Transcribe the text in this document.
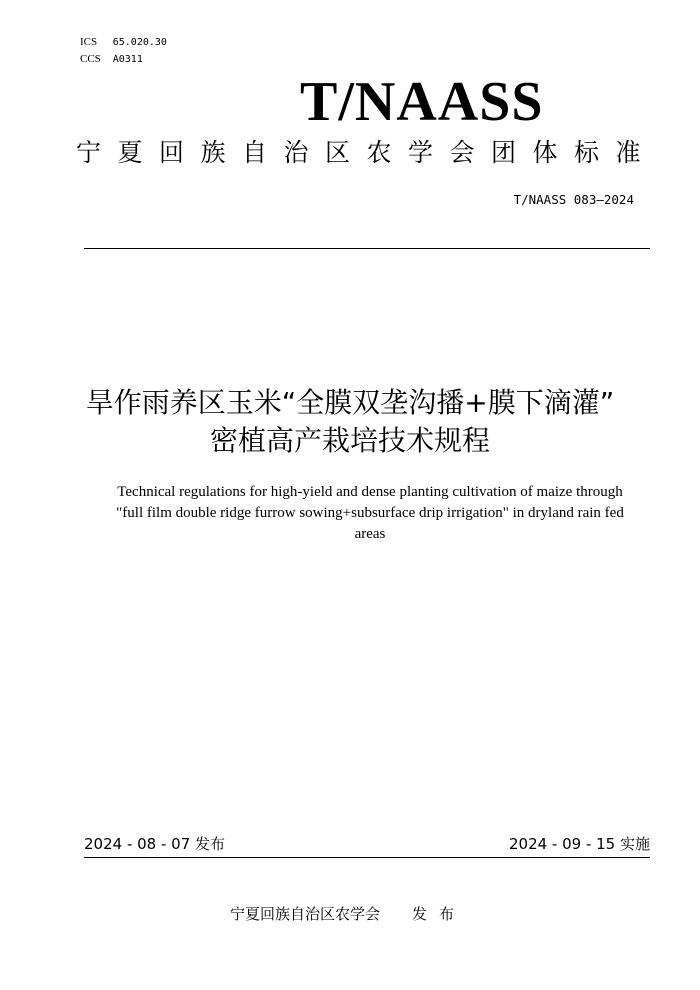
ICS 65.020.30
CCS A0311
T/NAASS
宁夏回族自治区农学会团体标准
T/NAASS 083—2024
旱作雨养区玉米“全膜双垄沟播+膜下滴灌”
密植高产栽培技术规程
Technical regulations for high-yield and dense planting cultivation of maize through
"full film double ridge furrow sowing+subsurface drip irrigation" in dryland rain fed
areas
2024 - 08 - 07 发布	2024 - 09 - 15 实施
宁夏回族自治区农学会 发布
